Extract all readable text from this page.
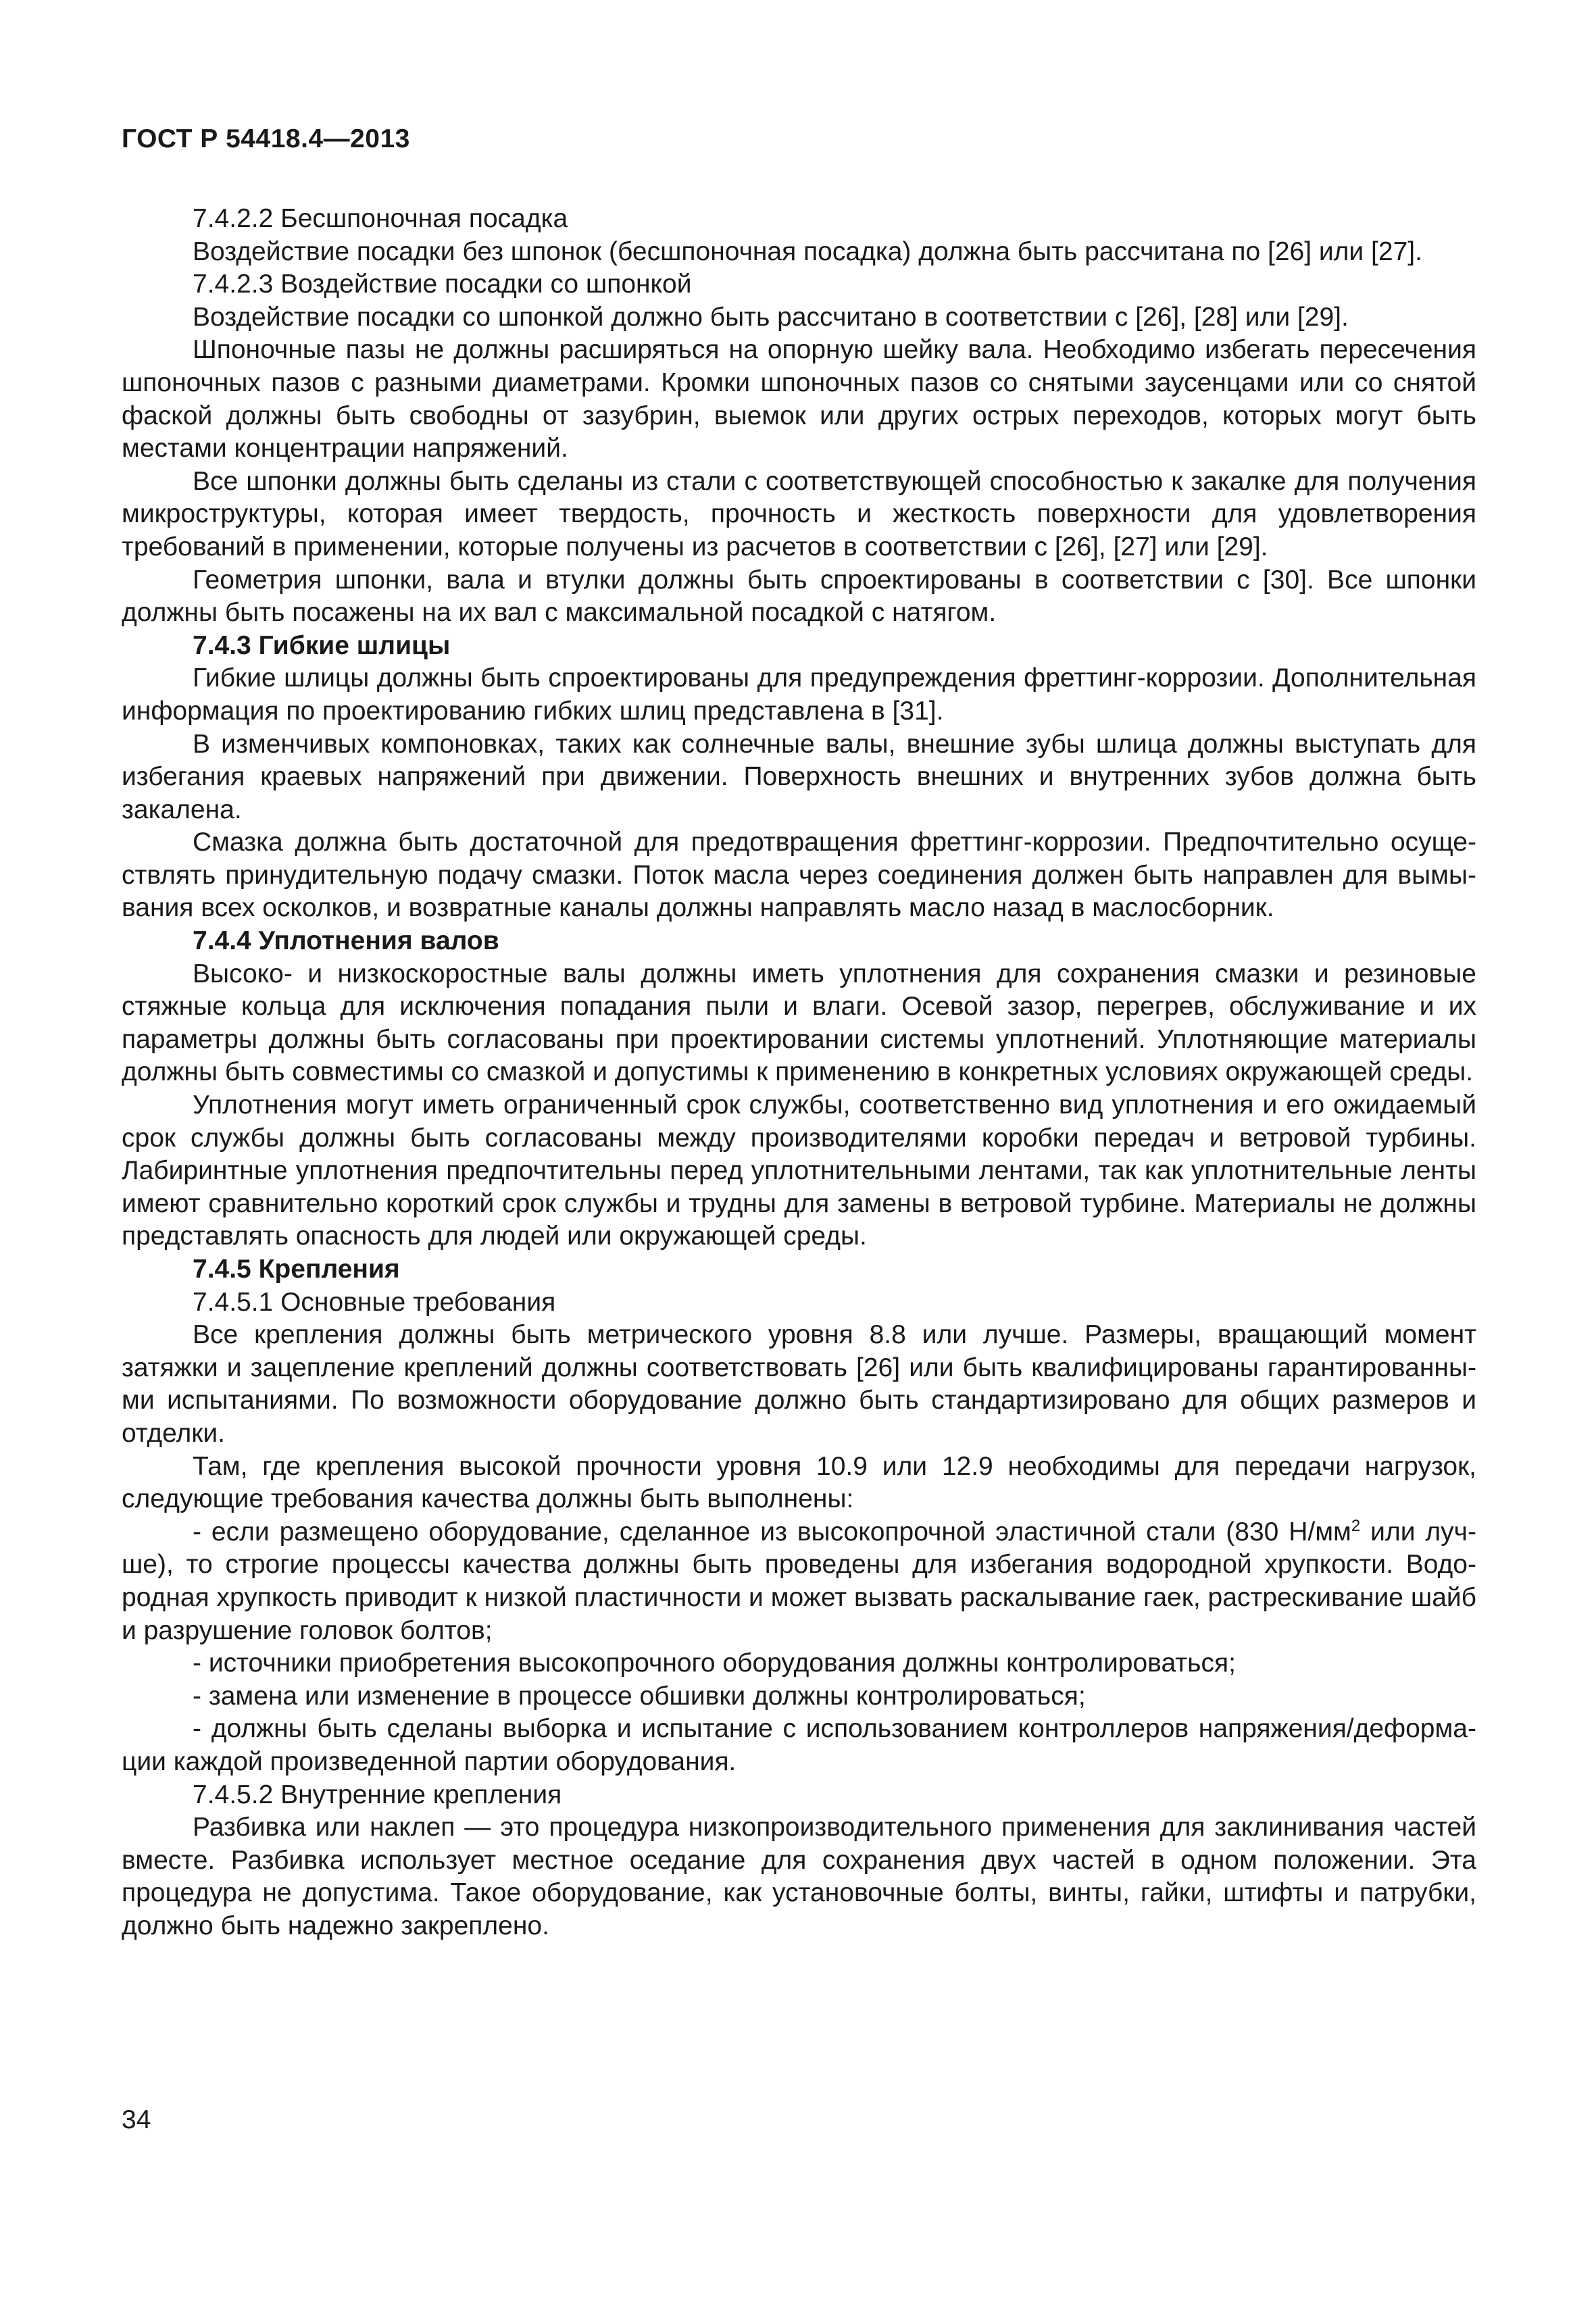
ГОСТ Р 54418.4—2013

7.4.2.2 Бесшпоночная посадка

Воздействие посадки без шпонок (бесшпоночная посадка) должна быть рассчитана по [26] или [27].

7.4.2.3 Воздействие посадки со шпонкой

Воздействие посадки со шпонкой должно быть рассчитано в соответствии с [26], [28] или [29].

Шпоночные пазы не должны расширяться на опорную шейку вала. Необходимо избегать пересечения шпоночных пазов с разными диаметрами. Кромки шпоночных пазов со снятыми заусенцами или со снятой фаской должны быть свободны от зазубрин, выемок или других острых переходов, которых могут быть местами концентрации напряжений.

Все шпонки должны быть сделаны из стали с соответствующей способностью к закалке для получения микроструктуры, которая имеет твердость, прочность и жесткость поверхности для удовлетворения требований в применении, которые получены из расчетов в соответствии с [26], [27] или [29].

Геометрия шпонки, вала и втулки должны быть спроектированы в соответствии с [30]. Все шпонки должны быть посажены на их вал с максимальной посадкой с натягом.

7.4.3 Гибкие шлицы

Гибкие шлицы должны быть спроектированы для предупреждения фреттинг-коррозии. Дополнительная информация по проектированию гибких шлиц представлена в [31].

В изменчивых компоновках, таких как солнечные валы, внешние зубы шлица должны выступать для избегания краевых напряжений при движении. Поверхность внешних и внутренних зубов должна быть закалена.

Смазка должна быть достаточной для предотвращения фреттинг-коррозии. Предпочтительно осуществлять принудительную подачу смазки. Поток масла через соединения должен быть направлен для вымывания всех осколков, и возвратные каналы должны направлять масло назад в маслосборник.

7.4.4 Уплотнения валов

Высоко- и низкоскоростные валы должны иметь уплотнения для сохранения смазки и резиновые стяжные кольца для исключения попадания пыли и влаги. Осевой зазор, перегрев, обслуживание и их параметры должны быть согласованы при проектировании системы уплотнений. Уплотняющие материалы должны быть совместимы со смазкой и допустимы к применению в конкретных условиях окружающей среды.

Уплотнения могут иметь ограниченный срок службы, соответственно вид уплотнения и его ожидаемый срок службы должны быть согласованы между производителями коробки передач и ветровой турбины. Лабиринтные уплотнения предпочтительны перед уплотнительными лентами, так как уплотнительные ленты имеют сравнительно короткий срок службы и трудны для замены в ветровой турбине. Материалы не должны представлять опасность для людей или окружающей среды.

7.4.5 Крепления

7.4.5.1 Основные требования

Все крепления должны быть метрического уровня 8.8 или лучше. Размеры, вращающий момент затяжки и зацепление креплений должны соответствовать [26] или быть квалифицированы гарантированными испытаниями. По возможности оборудование должно быть стандартизировано для общих размеров и отделки.

Там, где крепления высокой прочности уровня 10.9 или 12.9 необходимы для передачи нагрузок, следующие требования качества должны быть выполнены:

- если размещено оборудование, сделанное из высокопрочной эластичной стали (830 $Н/мм^2$ или лучше), то строгие процессы качества должны быть проведены для избегания водородной хрупкости. Водородная хрупкость приводит к низкой пластичности и может вызвать раскалывание гаек, растрескивание шайб и разрушение головок болтов;

- источники приобретения высокопрочного оборудования должны контролироваться;

- замена или изменение в процессе обшивки должны контролироваться;

- должны быть сделаны выборка и испытание с использованием контроллеров напряжения/деформации каждой произведенной партии оборудования.

7.4.5.2 Внутренние крепления

Разбивка или наклеп — это процедура низкопроизводительного применения для заклинивания частей вместе. Разбивка использует местное оседание для сохранения двух частей в одном положении. Эта процедура не допустима. Такое оборудование, как установочные болты, винты, гайки, штифты и патрубки, должно быть надежно закреплено.

34
